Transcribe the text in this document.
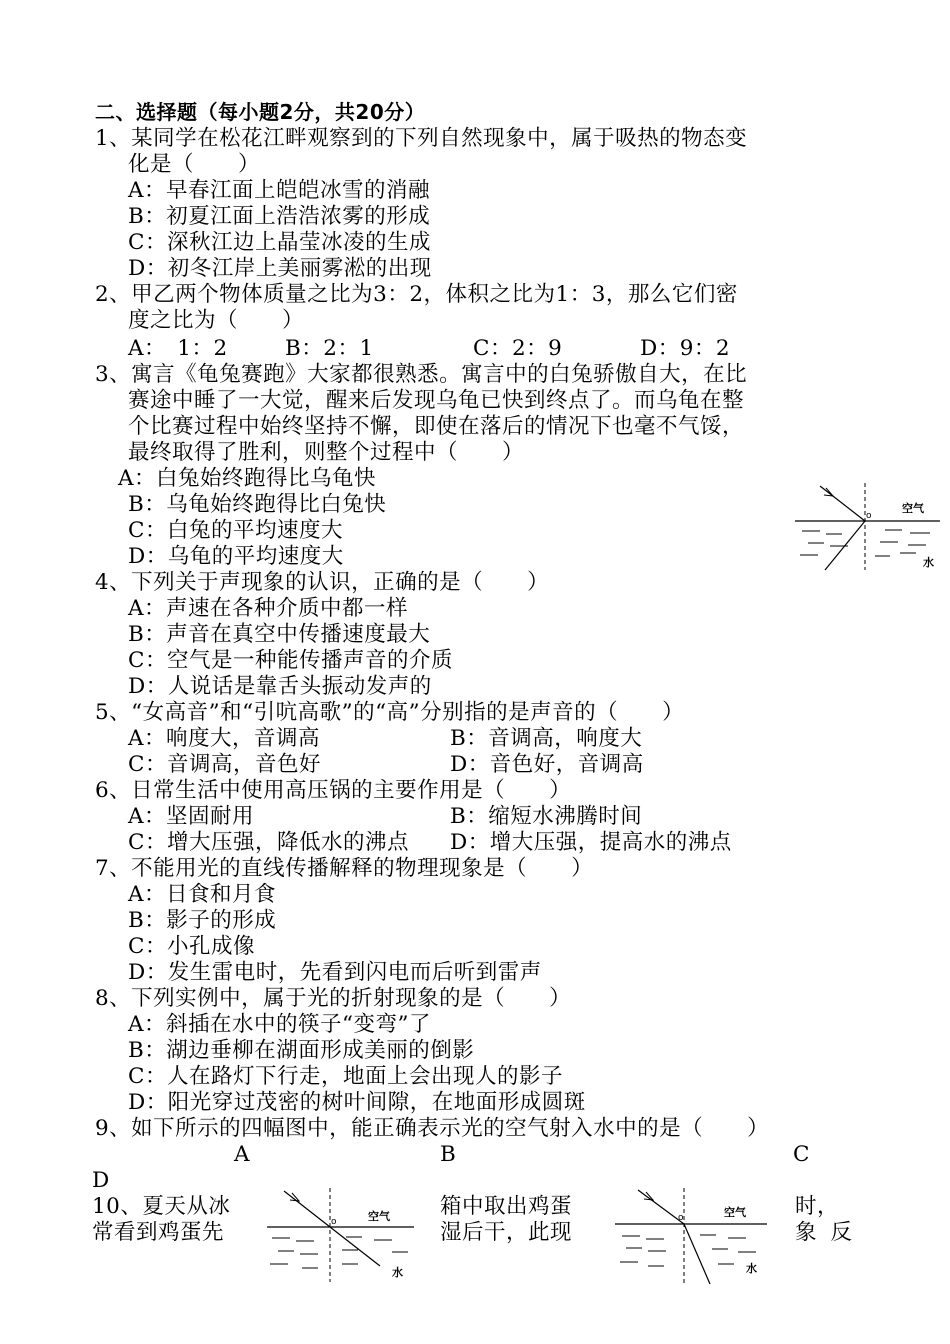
二、选择题（每小题2分，共20分）
1、某同学在松花江畔观察到的下列自然现象中，属于吸热的物态变
化是（　　）
A：早春江面上皑皑冰雪的消融
B：初夏江面上浩浩浓雾的形成
C：深秋江边上晶莹冰凌的生成
D：初冬江岸上美丽雾淞的出现
2、甲乙两个物体质量之比为3：2，体积之比为1：3，那么它们密
度之比为（　　）
A：　1：2	B：2：1	C：2：9	D：9：2
3、寓言《龟兔赛跑》大家都很熟悉。寓言中的白兔骄傲自大，在比
赛途中睡了一大觉，醒来后发现乌龟已快到终点了。而乌龟在整
个比赛过程中始终坚持不懈，即使在落后的情况下也毫不气馁，
最终取得了胜利，则整个过程中（　　）
A：白兔始终跑得比乌龟快
B：乌龟始终跑得比白兔快
C：白兔的平均速度大
D：乌龟的平均速度大
o
空气
水
4、下列关于声现象的认识，正确的是（　　）
A：声速在各种介质中都一样
B：声音在真空中传播速度最大
C：空气是一种能传播声音的介质
D：人说话是靠舌头振动发声的
5、“女高音”和“引吭高歌”的“高”分别指的是声音的（　　）
A：响度大，音调高	B：音调高，响度大
C：音调高，音色好	D：音色好，音调高
6、日常生活中使用高压锅的主要作用是（　　）
A：坚固耐用	B：缩短水沸腾时间
C：增大压强，降低水的沸点 D：增大压强，提高水的沸点
7、不能用光的直线传播解释的物理现象是（　　）
A：日食和月食
B：影子的形成
C：小孔成像
D：发生雷电时，先看到闪电而后听到雷声
8、下列实例中，属于光的折射现象的是（　　）
A：斜插在水中的筷子“变弯”了
B：湖边垂柳在湖面形成美丽的倒影
C：人在路灯下行走，地面上会出现人的影子
D：阳光穿过茂密的树叶间隙，在地面形成圆斑
9、如下所示的四幅图中，能正确表示光的空气射入水中的是（　　）
A	B	C
D
10、夏天从冰
常看到鸡蛋先
箱中取出鸡蛋
湿后干，此现
时，
象反
o	空气
水
o	空气
水
